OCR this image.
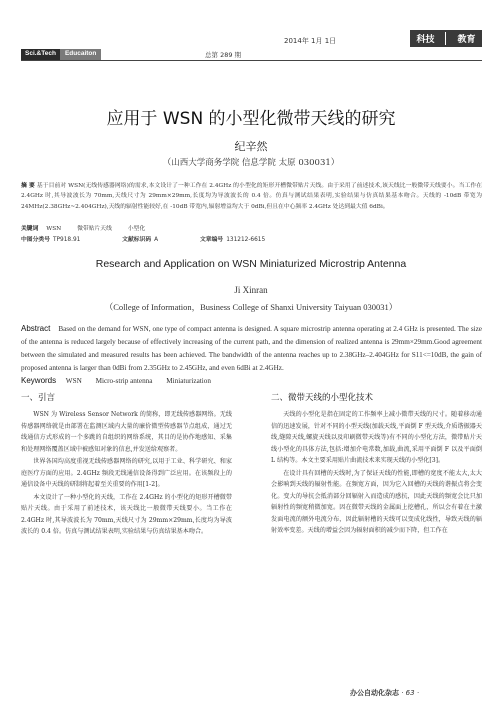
2014年 1月 1日	科技	教育
Sci.&Tech	Educaiton	总第 289 期
应用于 WSN 的小型化微带天线的研究
纪辛然
（山西大学商务学院 信息学院 太原 030031）
摘 要 基于目前对 WSN(无线传感器网络)的需求,本文设计了一种工作在 2.4GHz 的小型化的矩形开槽微带贴片天线。由于采用了前述技术,该天线比一般微带天线要小。当工作在 2.4GHz 时,其导波波长为 70mm,天线尺寸为 29mm×29mm,长度均为导波波长的 0.4 倍。仿真与测试结果表明,实验结果与仿真结果基本吻合。天线的 -10dB 带宽为 24MHz(2.38GHz~2.404GHz),天线的辐射性能较好,在 -10dB 带宽内,辐射增益均大于 0dBi,但且在中心频率 2.4GHz 处达到最大值 6dBi。
关键词 WSN	微带贴片天线	小型化
中图分类号 TP918.91	文献标识码 A	文章编号 131212-6615
Research and Application on WSN Miniaturized Microstrip Antenna
Ji Xinran
（College of Information，Business College of Shanxi University Taiyuan 030031）
Abstract Based on the demand for WSN, one type of compact antenna is designed. A square microstrip antenna operating at 2.4 GHz is presented. The size of the antenna is reduced largely because of effectively increasing of the current path, and the dimension of realized antenna is 29mm×29mm.Good agreement between the simulated and measured results has been achieved. The bandwidth of the antenna reaches up to 2.38GHz–2.404GHz for S11<=10dB, the gain of proposed antenna is larger than 0dBi from 2.35GHz to 2.45GHz, and even 6dBi at 2.4GHz.
Keywords WSN Micro-strip antenna Miniaturization
一、引言

WSN 为 Wireless Sensor Network 的简称，即无线传感器网络。无线传感器网络就是由部署在监测区域内大量的廉价微型传感器节点组成，通过无线通信方式形成的一个多跳的自组织的网络系统，其目的是协作地感知、采集和处理网络覆盖区域中被感知对象的信息,并发送给观察者。

世界各国均高度重视无线传感器网络的研究,以用于工业、科学研究、和家庭医疗方面的应用。2.4GHz 频段无线通信设备得到广泛应用。在该频段上的通信设备中天线的研制将起着至关重要的作用[1-2]。

本文设计了一种小型化的天线，工作在 2.4GHz 的小型化的矩形开槽微带贴片天线。由于采用了前述技术，该天线比一般微带天线要小。当工作在 2.4GHz 时,其导波波长为 70mm,天线尺寸为 29mm×29mm,长度均为导波波长的 0.4 倍。仿真与测试结果表明,实验结果与仿真结果基本吻合。

二、微带天线的小型化技术

天线的小型化是指在固定的工作频率上减小微带天线的尺寸。随着移动通信的迅速发展，针对不同的小型天线(加载天线,平面倒 F 型天线,介质谐振器天线,缝隙天线,螺旋天线以及印刷微带天线等)有不同的小型化方法，微带贴片天线小型化的具体方法,包括:增加介电常数,加载,曲流,采用平面倒 F 以及平面倒 L 结构等。本文主要采用贴片曲流技术来实现天线的小型化[3]。

在设计具有回槽的天线时,为了保证天线的性能,即槽的宽度不能太大,太大会影响到天线的辐射性能。在频宽方面，因为它入回槽的天线的谐振点将会变化。变大的导抗会抵消部分回辐射入而造成的感抗，因此天线的频宽会比只加辐射性的频宽稍微加宽。因在微带天线的金属面上挖槽孔，所以会有着在主激发面电流的额外电流分布，因此辐射槽的天线可以变成化线性，导致天线的辐射效率变差。天线的增益会因为辐射面积的减少而下降，但工作在

办公自动化杂志 · 63 ·
